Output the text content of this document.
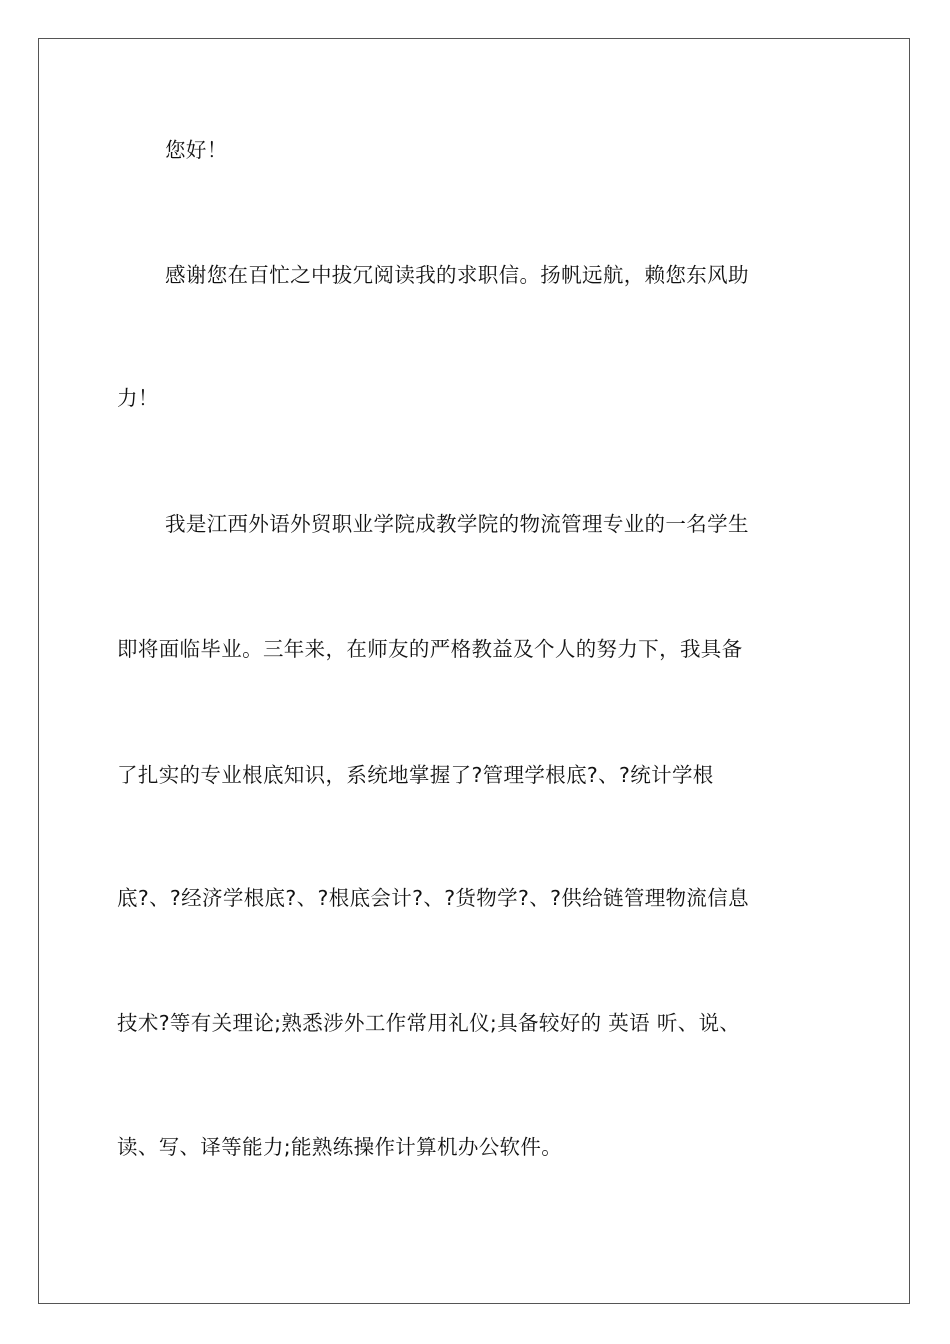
您好！
感谢您在百忙之中拔冗阅读我的求职信。扬帆远航，赖您东风助
力！
我是江西外语外贸职业学院成教学院的物流管理专业的一名学生
即将面临毕业。三年来，在师友的严格教益及个人的努力下，我具备
了扎实的专业根底知识，系统地掌握了?管理学根底?、?统计学根
底?、?经济学根底?、?根底会计?、?货物学?、?供给链管理物流信息
技术?等有关理论;熟悉涉外工作常用礼仪;具备较好的 英语 听、说、
读、写、译等能力;能熟练操作计算机办公软件。
